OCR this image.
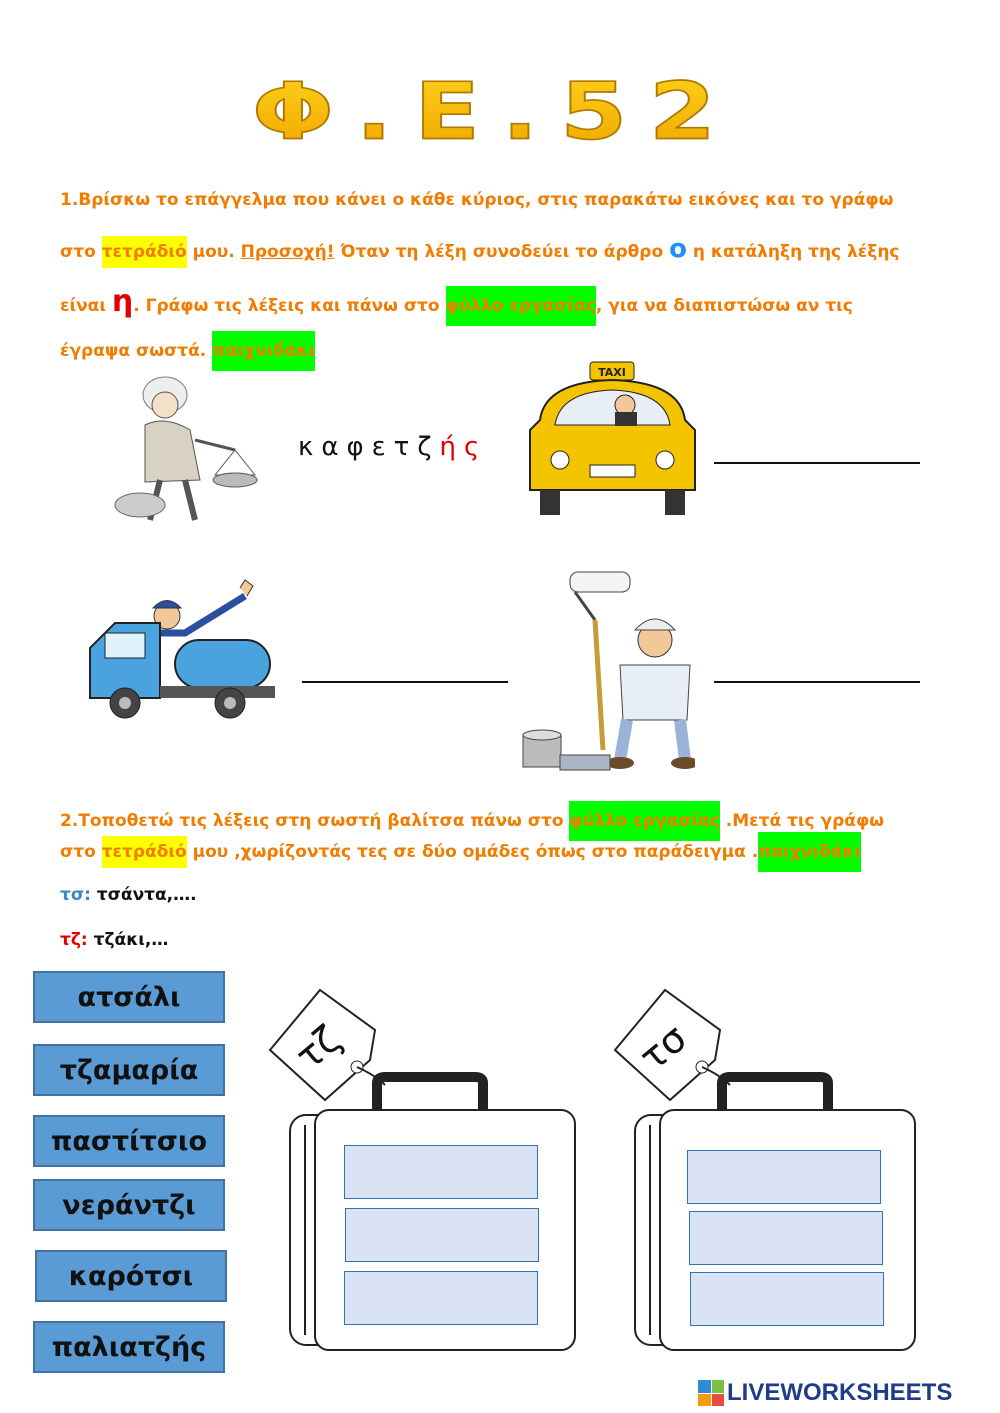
Φ.Ε.52
1.Βρίσκω το επάγγελμα που κάνει ο κάθε κύριος, στις παρακάτω εικόνες και το γράφω
στο τετράδιό μου. Προσοχή! Όταν τη λέξη συνοδεύει το άρθρο ο η κατάληξη της λέξης
είναι η. Γράφω τις λέξεις και πάνω στο φύλλο εργασίας, για να διαπιστώσω αν τις
έγραψα σωστά. παιχνιδάκι
καφετζής
TAXI
2.Τοποθετώ τις λέξεις στη σωστή βαλίτσα πάνω στο φύλλο εργασίας .Μετά τις γράφω
στο τετράδιό μου ,χωρίζοντάς τες σε δύο ομάδες όπως στο παράδειγμα .παιχνιδάκι
τσ: τσάντα,….
τζ: τζάκι,…
ατσάλι
τζαμαρία
παστίτσιο
νεράντζι
καρότσι
παλιατζής
τζ	τσ
LIVEWORKSHEETS
